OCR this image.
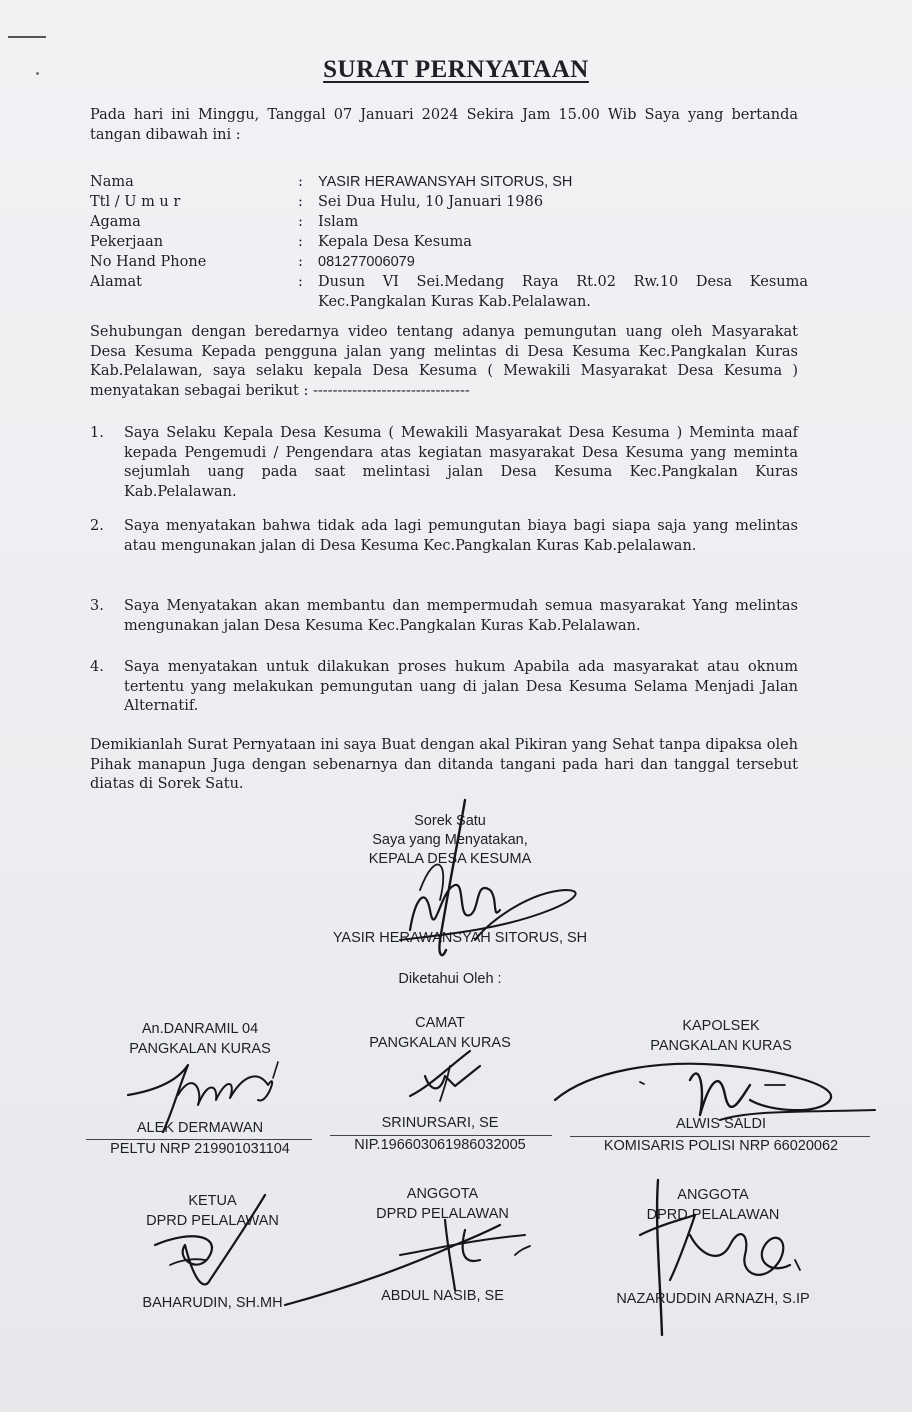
SURAT PERNYATAAN
Pada hari ini Minggu, Tanggal 07 Januari 2024 Sekira Jam 15.00 Wib Saya yang bertanda tangan dibawah ini :
Nama	:	YASIR HERAWANSYAH SITORUS, SH
Ttl / U m u r	:	Sei Dua Hulu, 10 Januari 1986
Agama	:	Islam
Pekerjaan	:	Kepala Desa Kesuma
No Hand Phone	:	081277006079
Alamat	:	Dusun VI Sei.Medang Raya Rt.02 Rw.10 Desa Kesuma Kec.Pangkalan Kuras Kab.Pelalawan.
Sehubungan dengan beredarnya video tentang adanya pemungutan uang oleh Masyarakat Desa Kesuma Kepada pengguna jalan yang melintas di Desa Kesuma Kec.Pangkalan Kuras Kab.Pelalawan, saya selaku kepala Desa Kesuma ( Mewakili Masyarakat Desa Kesuma ) menyatakan sebagai berikut : --------------------------------
1.	Saya Selaku Kepala Desa Kesuma ( Mewakili Masyarakat Desa Kesuma ) Meminta maaf kepada Pengemudi / Pengendara atas kegiatan masyarakat Desa Kesuma yang meminta sejumlah uang pada saat melintasi jalan Desa Kesuma Kec.Pangkalan Kuras Kab.Pelalawan.
2.	Saya menyatakan bahwa tidak ada lagi pemungutan biaya bagi siapa saja yang melintas atau mengunakan jalan di Desa Kesuma Kec.Pangkalan Kuras Kab.pelalawan.
3.	Saya Menyatakan akan membantu dan mempermudah semua masyarakat Yang melintas mengunakan jalan Desa Kesuma Kec.Pangkalan Kuras Kab.Pelalawan.
4.	Saya menyatakan untuk dilakukan proses hukum Apabila ada masyarakat atau oknum tertentu yang melakukan pemungutan uang di jalan Desa Kesuma Selama Menjadi Jalan Alternatif.
Demikianlah Surat Pernyataan ini saya Buat dengan akal Pikiran yang Sehat tanpa dipaksa oleh Pihak manapun Juga dengan sebenarnya dan ditanda tangani pada hari dan tanggal tersebut diatas di Sorek Satu.
Sorek Satu
Saya yang Menyatakan,
KEPALA DESA KESUMA
YASIR HERAWANSYAH SITORUS, SH
Diketahui Oleh :
An.DANRAMIL 04
PANGKALAN KURAS
ALEK DERMAWAN
PELTU NRP 219901031104
CAMAT
PANGKALAN KURAS
SRINURSARI, SE
NIP.196603061986032005
KAPOLSEK
PANGKALAN KURAS
ALWIS SALDI
KOMISARIS POLISI NRP 66020062
KETUA
DPRD PELALAWAN
BAHARUDIN, SH.MH
ANGGOTA
DPRD PELALAWAN
ABDUL NASIB, SE
ANGGOTA
DPRD PELALAWAN
NAZARUDDIN ARNAZH, S.IP
